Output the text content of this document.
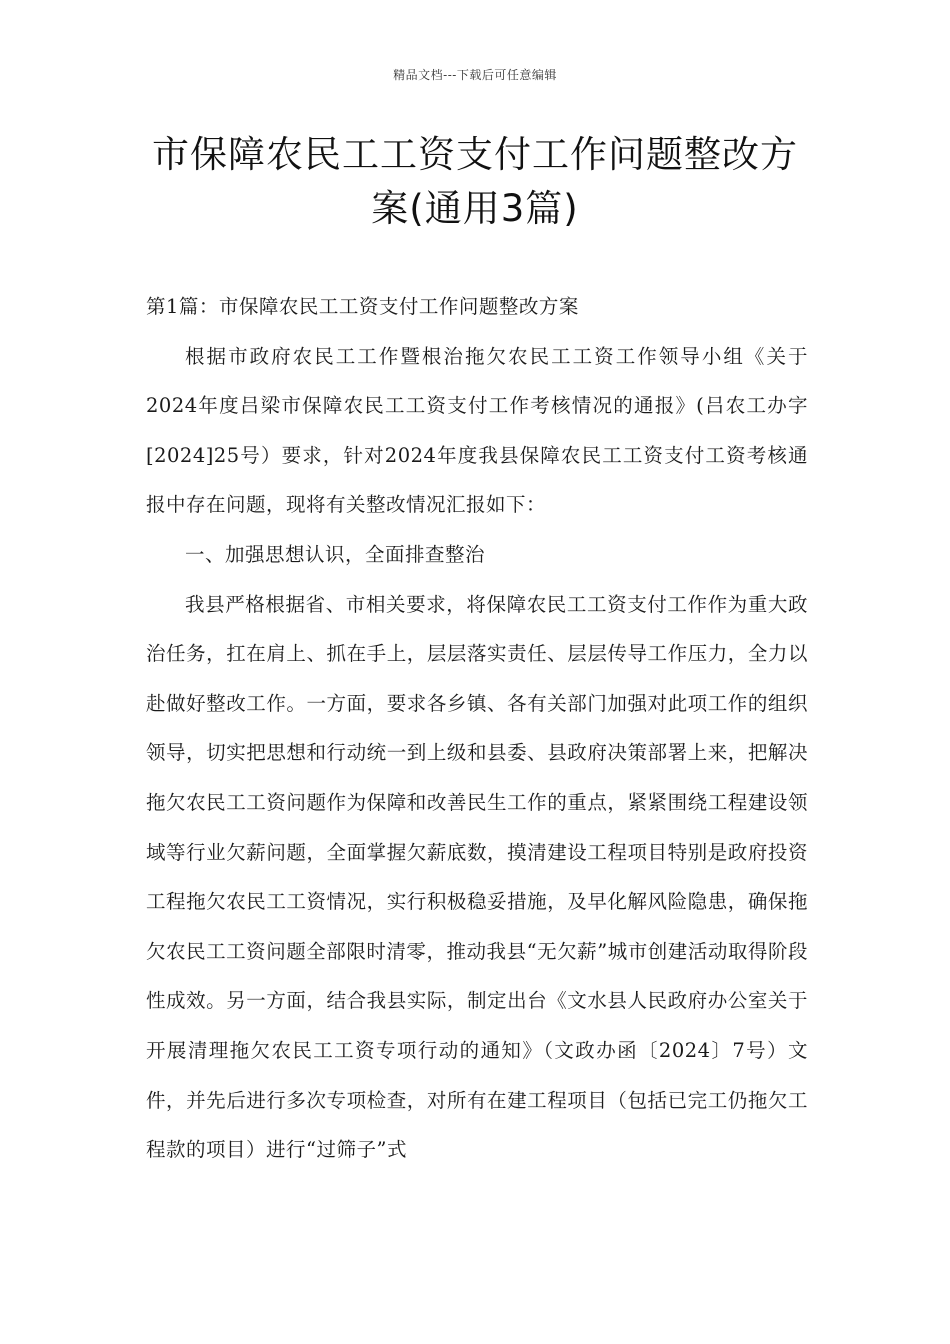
精品文档---下载后可任意编辑
市保障农民工工资支付工作问题整改方
案(通用3篇)

第1篇：市保障农民工工资支付工作问题整改方案

根据市政府农民工工作暨根治拖欠农民工工资工作领导小组《关于2024年度吕梁市保障农民工工资支付工作考核情况的通报》(吕农工办字[2024]25号）要求，针对2024年度我县保障农民工工资支付工资考核通报中存在问题，现将有关整改情况汇报如下：

一、加强思想认识，全面排查整治

我县严格根据省、市相关要求，将保障农民工工资支付工作作为重大政治任务，扛在肩上、抓在手上，层层落实责任、层层传导工作压力，全力以赴做好整改工作。一方面，要求各乡镇、各有关部门加强对此项工作的组织领导，切实把思想和行动统一到上级和县委、县政府决策部署上来，把解决拖欠农民工工资问题作为保障和改善民生工作的重点，紧紧围绕工程建设领域等行业欠薪问题，全面掌握欠薪底数，摸清建设工程项目特别是政府投资工程拖欠农民工工资情况，实行积极稳妥措施，及早化解风险隐患，确保拖欠农民工工资问题全部限时清零，推动我县“无欠薪”城市创建活动取得阶段性成效。另一方面，结合我县实际，制定出台《文水县人民政府办公室关于开展清理拖欠农民工工资专项行动的通知》（文政办函〔2024〕7号）文件，并先后进行多次专项检查，对所有在建工程项目（包括已完工仍拖欠工程款的项目）进行“过筛子”式
